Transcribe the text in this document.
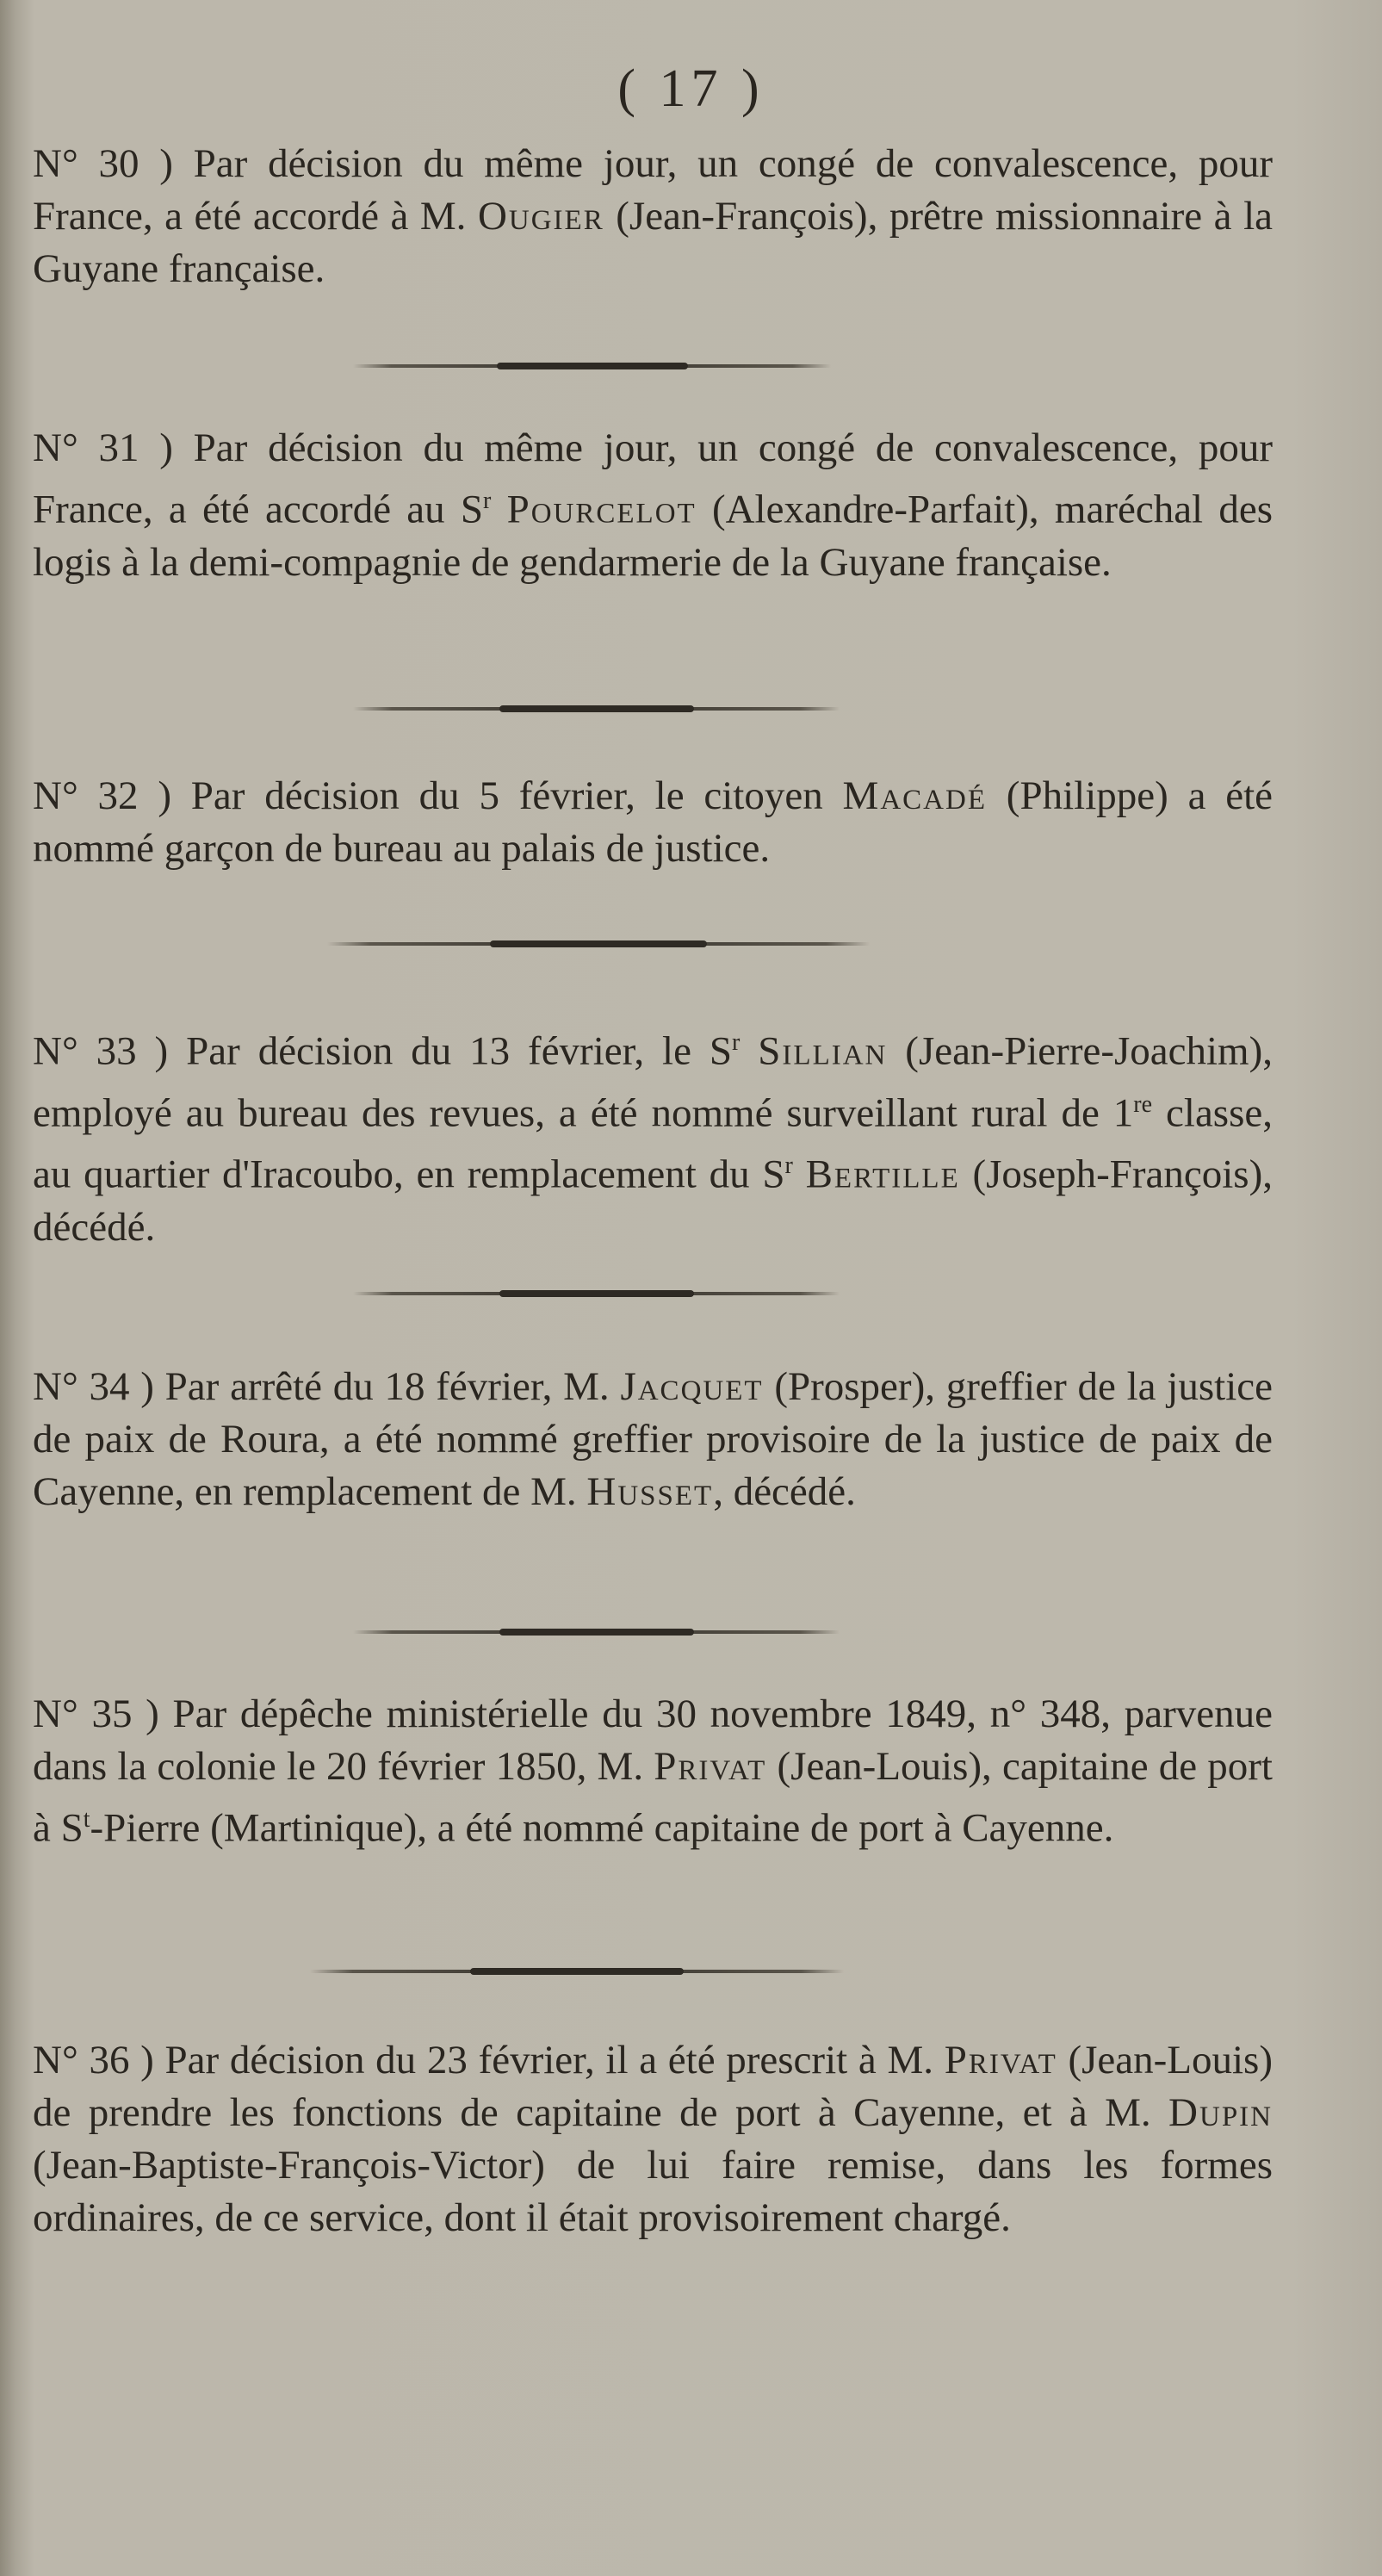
( 17 )

N° 30 ) Par décision du même jour, un congé de convalescence, pour France, a été accordé à M. Ougier (Jean-François), prêtre missionnaire à la Guyane française.

N° 31 ) Par décision du même jour, un congé de convalescence, pour France, a été accordé au $S^r$ Pourcelot (Alexandre-Parfait), maréchal des logis à la demi-compagnie de gendarmerie de la Guyane française.

N° 32 ) Par décision du 5 février, le citoyen Macadé (Philippe) a été nommé garçon de bureau au palais de justice.

N° 33 ) Par décision du 13 février, le $S^r$ Sillian (Jean-Pierre-Joachim), employé au bureau des revues, a été nommé surveillant rural de 1re classe, au quartier d'Iracoubo, en remplacement du $S^r$ Bertille (Joseph-François), décédé.

N° 34 ) Par arrêté du 18 février, M. Jacquet (Prosper), greffier de la justice de paix de Roura, a été nommé greffier provisoire de la justice de paix de Cayenne, en remplacement de M. Husset, décédé.

N° 35 ) Par dépêche ministérielle du 30 novembre 1849, n° 348, parvenue dans la colonie le 20 février 1850, M. Privat (Jean-Louis), capitaine de port à $S^t$-Pierre (Martinique), a été nommé capitaine de port à Cayenne.

N° 36 ) Par décision du 23 février, il a été prescrit à M. Privat (Jean-Louis) de prendre les fonctions de capitaine de port à Cayenne, et à M. Dupin (Jean-Baptiste-François-Victor) de lui faire remise, dans les formes ordinaires, de ce service, dont il était provisoirement chargé.
